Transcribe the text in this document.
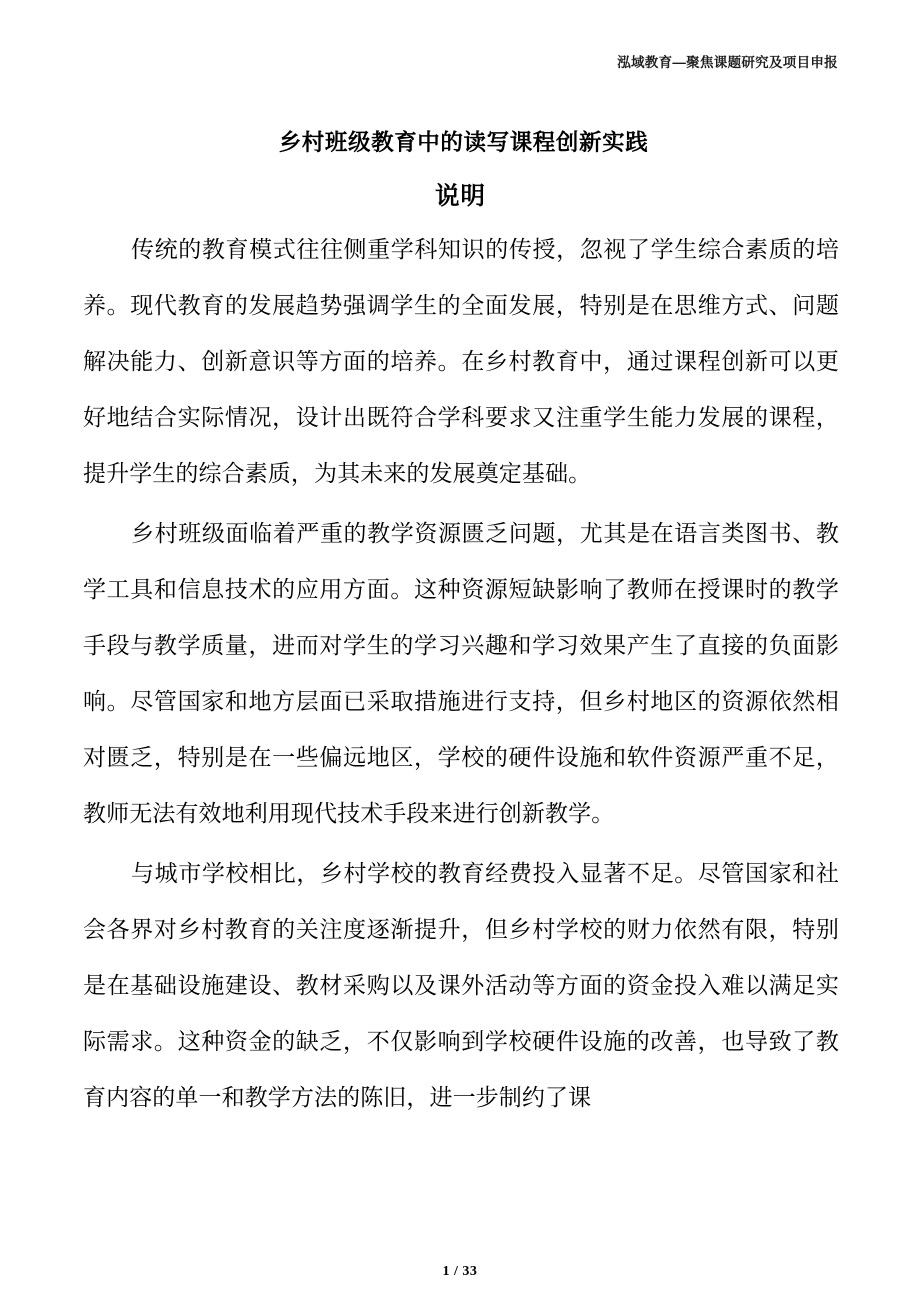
泓域教育—聚焦课题研究及项目申报
乡村班级教育中的读写课程创新实践
说明

传统的教育模式往往侧重学科知识的传授，忽视了学生综合素质的培养。现代教育的发展趋势强调学生的全面发展，特别是在思维方式、问题解决能力、创新意识等方面的培养。在乡村教育中，通过课程创新可以更好地结合实际情况，设计出既符合学科要求又注重学生能力发展的课程，提升学生的综合素质，为其未来的发展奠定基础。

乡村班级面临着严重的教学资源匮乏问题，尤其是在语言类图书、教学工具和信息技术的应用方面。这种资源短缺影响了教师在授课时的教学手段与教学质量，进而对学生的学习兴趣和学习效果产生了直接的负面影响。尽管国家和地方层面已采取措施进行支持，但乡村地区的资源依然相对匮乏，特别是在一些偏远地区，学校的硬件设施和软件资源严重不足，教师无法有效地利用现代技术手段来进行创新教学。

与城市学校相比，乡村学校的教育经费投入显著不足。尽管国家和社会各界对乡村教育的关注度逐渐提升，但乡村学校的财力依然有限，特别是在基础设施建设、教材采购以及课外活动等方面的资金投入难以满足实际需求。这种资金的缺乏，不仅影响到学校硬件设施的改善，也导致了教育内容的单一和教学方法的陈旧，进一步制约了课

1 / 33
